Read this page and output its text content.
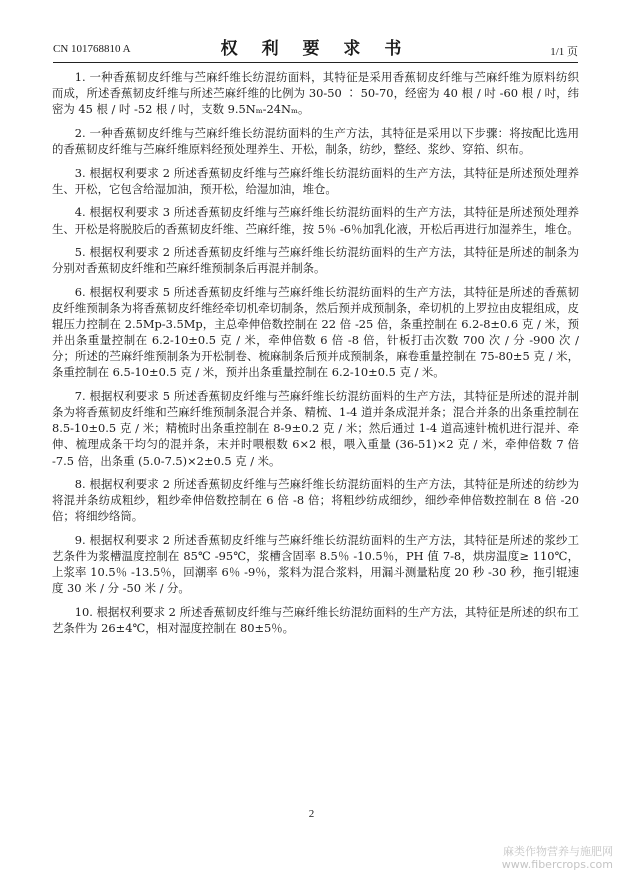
CN 101768810 A	权 利 要 求 书	1/1 页

1. 一种香蕉韧皮纤维与苎麻纤维长纺混纺面料，其特征是采用香蕉韧皮纤维与苎麻纤维为原料纺织而成，所述香蕉韧皮纤维与所述苎麻纤维的比例为 30-50 ∶ 50-70，经密为 40 根 / 吋 -60 根 / 吋，纬密为 45 根 / 吋 -52 根 / 吋，支数 9.5Nₘ-24Nₘ。

2. 一种香蕉韧皮纤维与苎麻纤维长纺混纺面料的生产方法，其特征是采用以下步骤：将按配比选用的香蕉韧皮纤维与苎麻纤维原料经预处理养生、开松，制条，纺纱，整经、浆纱、穿筘、织布。

3. 根据权利要求 2 所述香蕉韧皮纤维与苎麻纤维长纺混纺面料的生产方法，其特征是所述预处理养生、开松，它包含给湿加油，预开松，给湿加油，堆仓。

4. 根据权利要求 3 所述香蕉韧皮纤维与苎麻纤维长纺混纺面料的生产方法，其特征是所述预处理养生、开松是将脱胶后的香蕉韧皮纤维、苎麻纤维，按 5％ -6％加乳化液，开松后再进行加湿养生，堆仓。

5. 根据权利要求 2 所述香蕉韧皮纤维与苎麻纤维长纺混纺面料的生产方法，其特征是所述的制条为分别对香蕉韧皮纤维和苎麻纤维预制条后再混并制条。

6. 根据权利要求 5 所述香蕉韧皮纤维与苎麻纤维长纺混纺面料的生产方法，其特征是所述的香蕉韧皮纤维预制条为将香蕉韧皮纤维经牵切机牵切制条，然后预并成预制条，牵切机的上罗拉由皮辊组成，皮辊压力控制在 2.5Mp-3.5Mp，主总牵伸倍数控制在 22 倍 -25 倍，条重控制在 6.2-8±0.6 克 / 米，预并出条重量控制在 6.2-10±0.5 克 / 米，牵伸倍数 6 倍 -8 倍，针板打击次数 700 次 / 分 -900 次 / 分；所述的苎麻纤维预制条为开松制卷、梳麻制条后预并成预制条，麻卷重量控制在 75-80±5 克 / 米，条重控制在 6.5-10±0.5 克 / 米，预并出条重量控制在 6.2-10±0.5 克 / 米。

7. 根据权利要求 5 所述香蕉韧皮纤维与苎麻纤维长纺混纺面料的生产方法，其特征是所述的混并制条为将香蕉韧皮纤维和苎麻纤维预制条混合并条、精梳、1-4 道并条成混并条；混合并条的出条重控制在 8.5-10±0.5 克 / 米；精梳时出条重控制在 8-9±0.2 克 / 米；然后通过 1-4 道高速针梳机进行混并、牵伸、梳理成条干均匀的混并条，末并时喂根数 6×2 根，喂入重量 (36-51)×2 克 / 米，牵伸倍数 7 倍 -7.5 倍，出条重 (5.0-7.5)×2±0.5 克 / 米。

8. 根据权利要求 2 所述香蕉韧皮纤维与苎麻纤维长纺混纺面料的生产方法，其特征是所述的纺纱为将混并条纺成粗纱，粗纱牵伸倍数控制在 6 倍 -8 倍；将粗纱纺成细纱，细纱牵伸倍数控制在 8 倍 -20 倍；将细纱络筒。

9. 根据权利要求 2 所述香蕉韧皮纤维与苎麻纤维长纺混纺面料的生产方法，其特征是所述的浆纱工艺条件为浆槽温度控制在 85℃ -95℃，浆槽含固率 8.5％ -10.5％，PH 值 7-8，烘房温度≥ 110℃，上浆率 10.5％ -13.5％，回潮率 6％ -9％，浆料为混合浆料，用漏斗测量粘度 20 秒 -30 秒，拖引辊速度 30 米 / 分 -50 米 / 分。

10. 根据权利要求 2 所述香蕉韧皮纤维与苎麻纤维长纺混纺面料的生产方法，其特征是所述的织布工艺条件为 26±4℃，相对湿度控制在 80±5％。

2
麻类作物营养与施肥网
www.fibercrops.com
